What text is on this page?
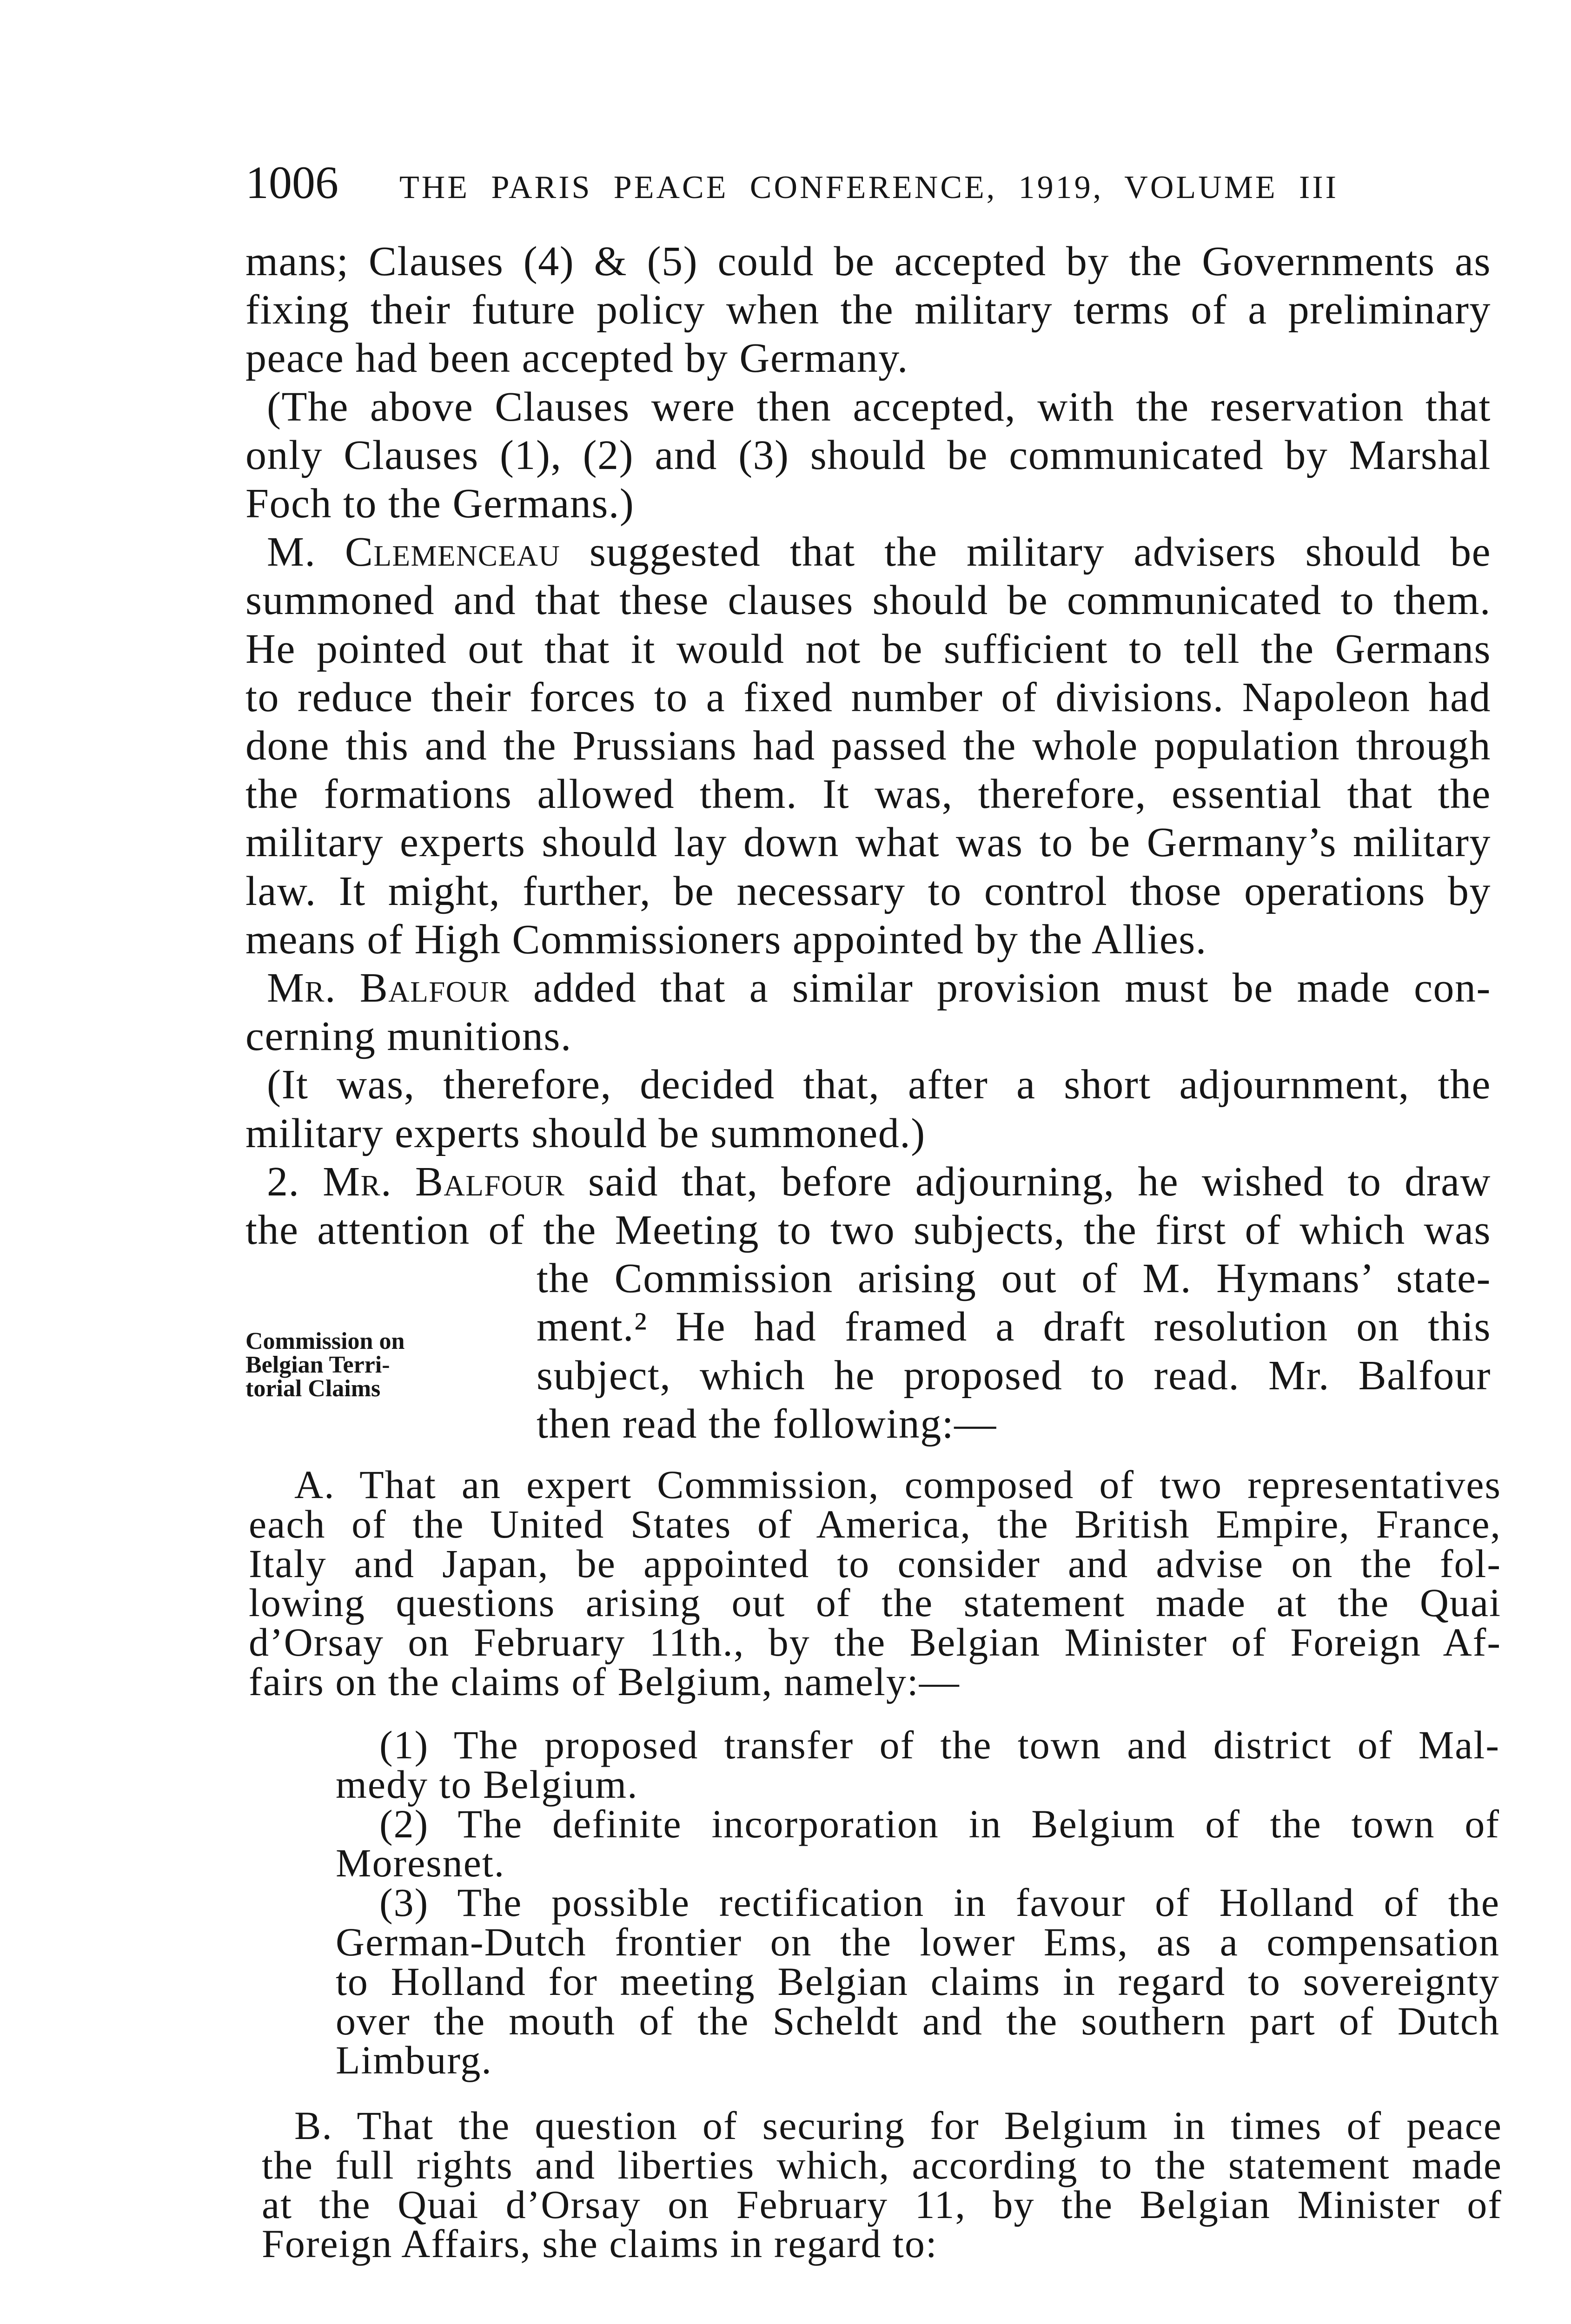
1006 THE PARIS PEACE CONFERENCE, 1919, VOLUME III
mans; Clauses (4) & (5) could be accepted by the Governments as
fixing their future policy when the military terms of a preliminary
peace had been accepted by Germany.
(The above Clauses were then accepted, with the reservation that
only Clauses (1), (2) and (3) should be communicated by Marshal
Foch to the Germans.)
M. Clemenceau suggested that the military advisers should be
summoned and that these clauses should be communicated to them.
He pointed out that it would not be sufficient to tell the Germans
to reduce their forces to a fixed number of divisions. Napoleon had
done this and the Prussians had passed the whole population through
the formations allowed them. It was, therefore, essential that the
military experts should lay down what was to be Germany’s military
law. It might, further, be necessary to control those operations by
means of High Commissioners appointed by the Allies.
Mr. Balfour added that a similar provision must be made con-
cerning munitions.
(It was, therefore, decided that, after a short adjournment, the
military experts should be summoned.)
2. Mr. Balfour said that, before adjourning, he wished to draw
the attention of the Meeting to two subjects, the first of which was
the Commission arising out of M. Hymans’ state-
ment.² He had framed a draft resolution on this
subject, which he proposed to read. Mr. Balfour
then read the following:—
Commission on
Belgian Terri-
torial Claims
A. That an expert Commission, composed of two representatives
each of the United States of America, the British Empire, France,
Italy and Japan, be appointed to consider and advise on the fol-
lowing questions arising out of the statement made at the Quai
d’Orsay on February 11th., by the Belgian Minister of Foreign Af-
fairs on the claims of Belgium, namely:—
(1) The proposed transfer of the town and district of Mal-
medy to Belgium.
(2) The definite incorporation in Belgium of the town of
Moresnet.
(3) The possible rectification in favour of Holland of the
German-Dutch frontier on the lower Ems, as a compensation
to Holland for meeting Belgian claims in regard to sovereignty
over the mouth of the Scheldt and the southern part of Dutch
Limburg.
B. That the question of securing for Belgium in times of peace
the full rights and liberties which, according to the statement made
at the Quai d’Orsay on February 11, by the Belgian Minister of
Foreign Affairs, she claims in regard to:
